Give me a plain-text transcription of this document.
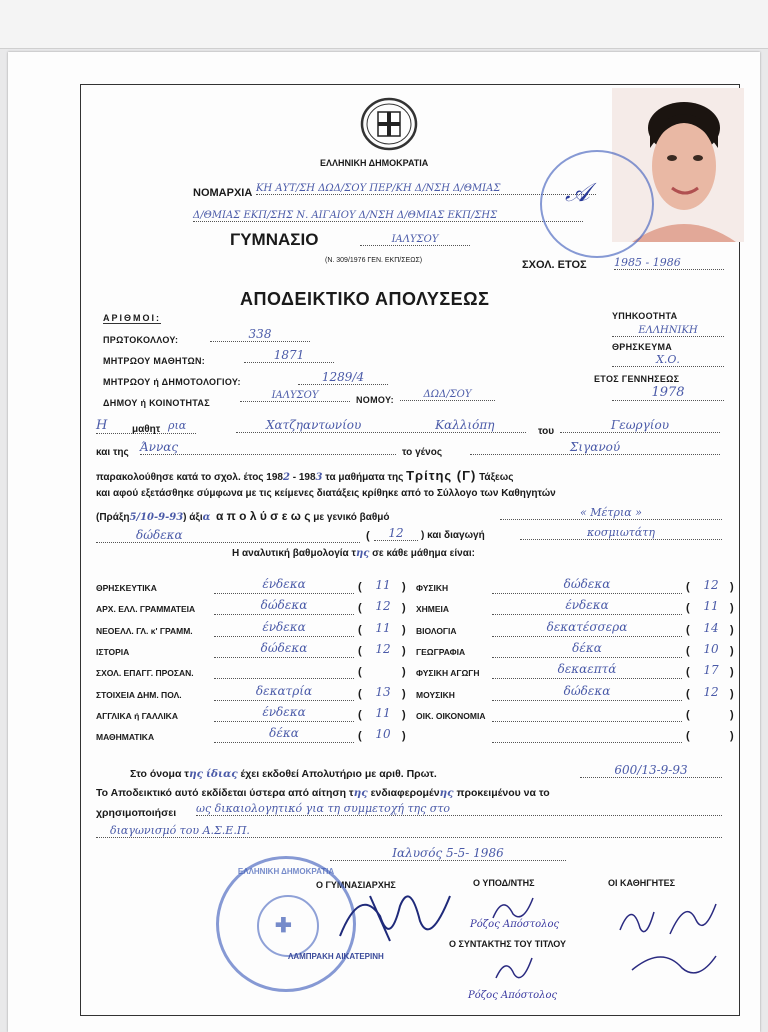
ΕΛΛΗΝΙΚΗ ΔΗΜΟΚΡΑΤΙΑ
ΝΟΜΑΡΧΙΑ ΚΗ ΑΥΤ/ΣΗ ΔΩΔ/ΣΟΥ ΠΕΡ/ΚΗ Δ/ΝΣΗ Δ/ΘΜΙΑΣ
Δ/ΘΜΙΑΣ ΕΚΠ/ΣΗΣ Ν. ΑΙΓΑΙΟΥ Δ/ΝΣΗ Δ/ΘΜΙΑΣ ΕΚΠ/ΣΗΣ
ΓΥΜΝΑΣΙΟ	ΙΑΛΥΣΟΥ
(Ν. 309/1976 ΓΕΝ. ΕΚΠ/ΣΕΩΣ)	ΣΧΟΛ. ΕΤΟΣ 1985 - 1986
𝒜
ΑΠΟΔΕΙΚΤΙΚΟ ΑΠΟΛΥΣΕΩΣ
ΑΡΙΘΜΟΙ:
ΠΡΩΤΟΚΟΛΛΟΥ:	338
ΜΗΤΡΩΟΥ ΜΑΘΗΤΩΝ:	1871
ΜΗΤΡΩΟΥ ή ΔΗΜΟΤΟΛΟΓΙΟΥ:	1289/4
ΔΗΜΟΥ ή ΚΟΙΝΟΤΗΤΑΣ
ΙΑΛΥΣΟΥ	ΝΟΜΟΥ:	ΔΩΔ/ΣΟΥ
ΥΠΗΚΟΟΤΗΤΑ
ΕΛΛΗΝΙΚΗ
ΘΡΗΣΚΕΥΜΑ
Χ.Ο.
ΕΤΟΣ ΓΕΝΝΗΣΕΩΣ
1978
Η	μαθητ ρια	Χατζηαντωνίου	Καλλιόπη	του	Γεωργίου
και της Άννας	το γένος	Σιγανού
παρακολούθησε κατά το σχολ. έτος 1982 - 1983 τα μαθήματα της Τρίτης (Γ) Τάξεως
και αφού εξετάσθηκε σύμφωνα με τις κείμενες διατάξεις κρίθηκε από το Σύλλογο των Καθηγητών
(Πράξη5/10-9-93) άξια α π ο λ ύ σ ε ω ς με γενικό βαθμό	« Μέτρια »
δώδεκα	(	12	) και διαγωγή	κοσμιωτάτη
Η αναλυτική βαθμολογία της σε κάθε μάθημα είναι:
ΘΡΗΣΚΕΥΤΙΚΑ	ένδεκα	(	11	)
ΑΡΧ. ΕΛΛ. ΓΡΑΜΜΑΤΕΙΑ	δώδεκα	(	12	)
ΝΕΟΕΛΛ. ΓΛ. κ' ΓΡΑΜΜ.	ένδεκα	(	11	)
ΙΣΤΟΡΙΑ	δώδεκα	(	12	)
ΣΧΟΛ. ΕΠΑΓΓ. ΠΡΟΣΑΝ.	(	)
ΣΤΟΙΧΕΙΑ ΔΗΜ. ΠΟΛ.	δεκατρία	(	13	)
ΑΓΓΛΙΚΑ ή ΓΑΛΛΙΚΑ	ένδεκα	(	11	)
ΜΑΘΗΜΑΤΙΚΑ	δέκα	(	10	)
ΦΥΣΙΚΗ	δώδεκα	(	12	)
ΧΗΜΕΙΑ	ένδεκα	(	11	)
ΒΙΟΛΟΓΙΑ	δεκατέσσερα	(	14	)
ΓΕΩΓΡΑΦΙΑ	δέκα	(	10	)
ΦΥΣΙΚΗ ΑΓΩΓΗ	δεκαεπτά	(	17	)
ΜΟΥΣΙΚΗ	δώδεκα	(	12	)
ΟΙΚ. ΟΙΚΟΝΟΜΙΑ	(	)
(	)
Στο όνομα της ίδιας έχει εκδοθεί Απολυτήριο με αριθ. Πρωτ.	600/13-9-93
Το Αποδεικτικό αυτό εκδίδεται ύστερα από αίτηση της ενδιαφερομένης προκειμένου να το
χρησιμοποιήσει ως δικαιολογητικό για τη συμμετοχή της στο
διαγωνισμό του Α.Σ.Ε.Π.
Ιαλυσός 5-5- 1986
Ο ΓΥΜΝΑΣΙΑΡΧΗΣ	Ο ΥΠΟΔ/ΝΤΗΣ	ΟΙ ΚΑΘΗΓΗΤΕΣ
Ρόζος Απόστολος
Ο ΣΥΝΤΑΚΤΗΣ ΤΟΥ ΤΙΤΛΟΥ
Ρόζος Απόστολος
ΕΛΛΗΝΙΚΗ ΔΗΜΟΚΡΑΤΙΑ
✚
ΛΑΜΠΡΑΚΗ ΑΙΚΑΤΕΡΙΝΗ
